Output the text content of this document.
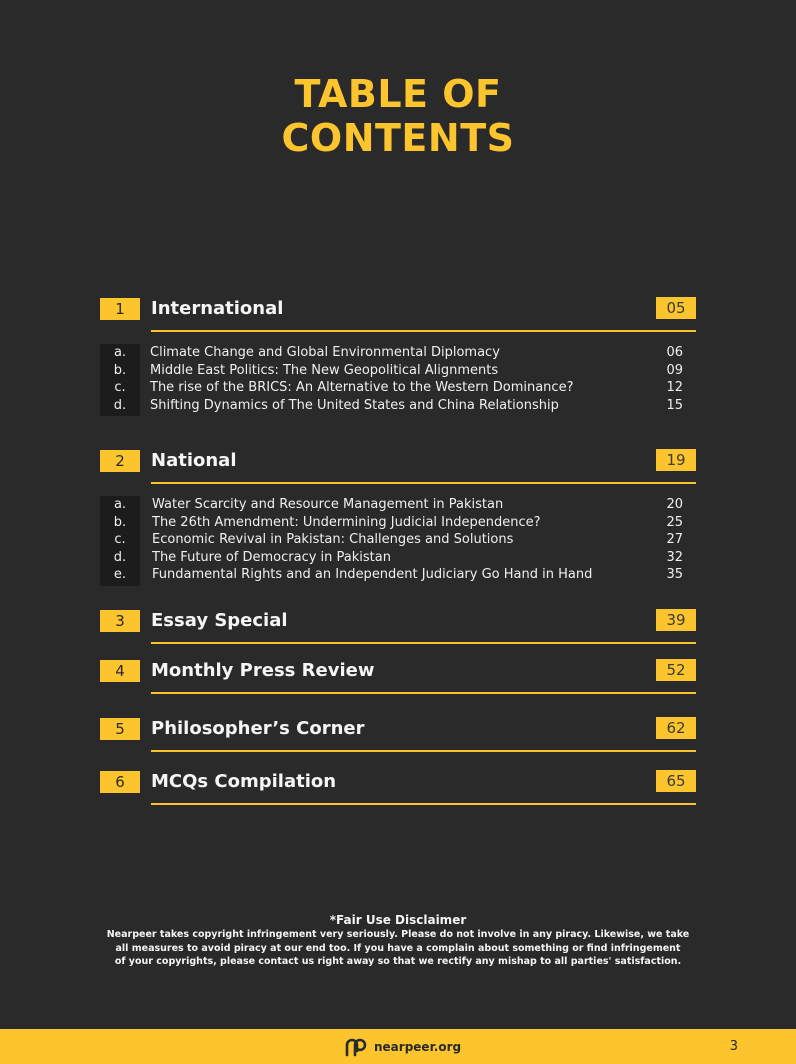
TABLE OF
CONTENTS
1	International	05
a.	Climate Change and Global Environmental Diplomacy	06
b.	Middle East Politics: The New Geopolitical Alignments	09
c.	The rise of the BRICS: An Alternative to the Western Dominance?	12
d.	Shifting Dynamics of The United States and China Relationship	15
2	National	19
a.	Water Scarcity and Resource Management in Pakistan	20
b.	The 26th Amendment: Undermining Judicial Independence?	25
c.	Economic Revival in Pakistan: Challenges and Solutions	27
d.	The Future of Democracy in Pakistan	32
e.	Fundamental Rights and an Independent Judiciary Go Hand in Hand	35
3	Essay Special	39
4	Monthly Press Review	52
5	Philosopher’s Corner	62
6	MCQs Compilation	65
*Fair Use Disclaimer
Nearpeer takes copyright infringement very seriously. Please do not involve in any piracy. Likewise, we take
all measures to avoid piracy at our end too. If you have a complain about something or find infringement
of your copyrights, please contact us right away so that we rectify any mishap to all parties' satisfaction.
nearpeer.org	3
